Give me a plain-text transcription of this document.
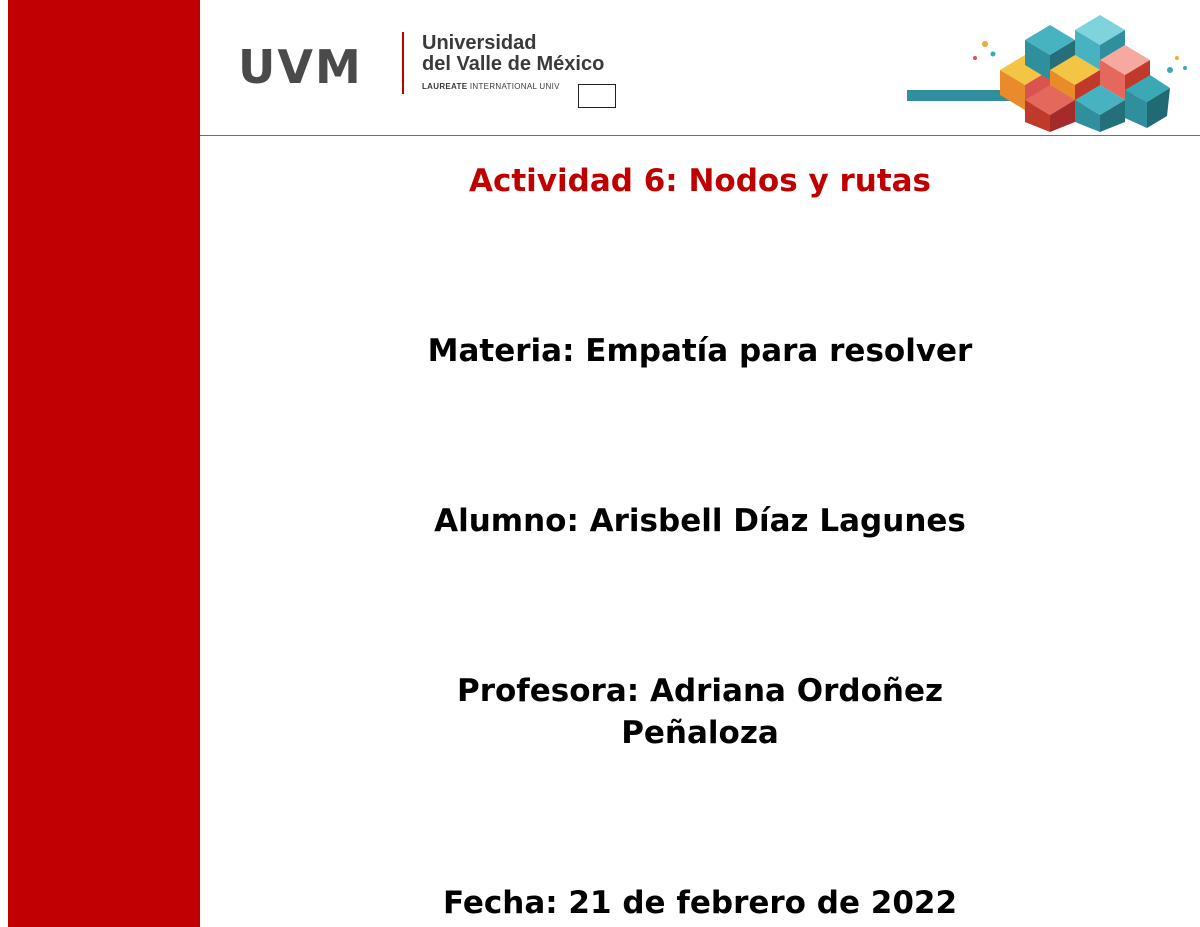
UVM	Universidad
del Valle de México
LAUREATE INTERNATIONAL UNIV
Actividad 6: Nodos y rutas
Materia: Empatía para resolver
Alumno: Arisbell Díaz Lagunes
Profesora: Adriana Ordoñez
Peñaloza
Fecha: 21 de febrero de 2022
